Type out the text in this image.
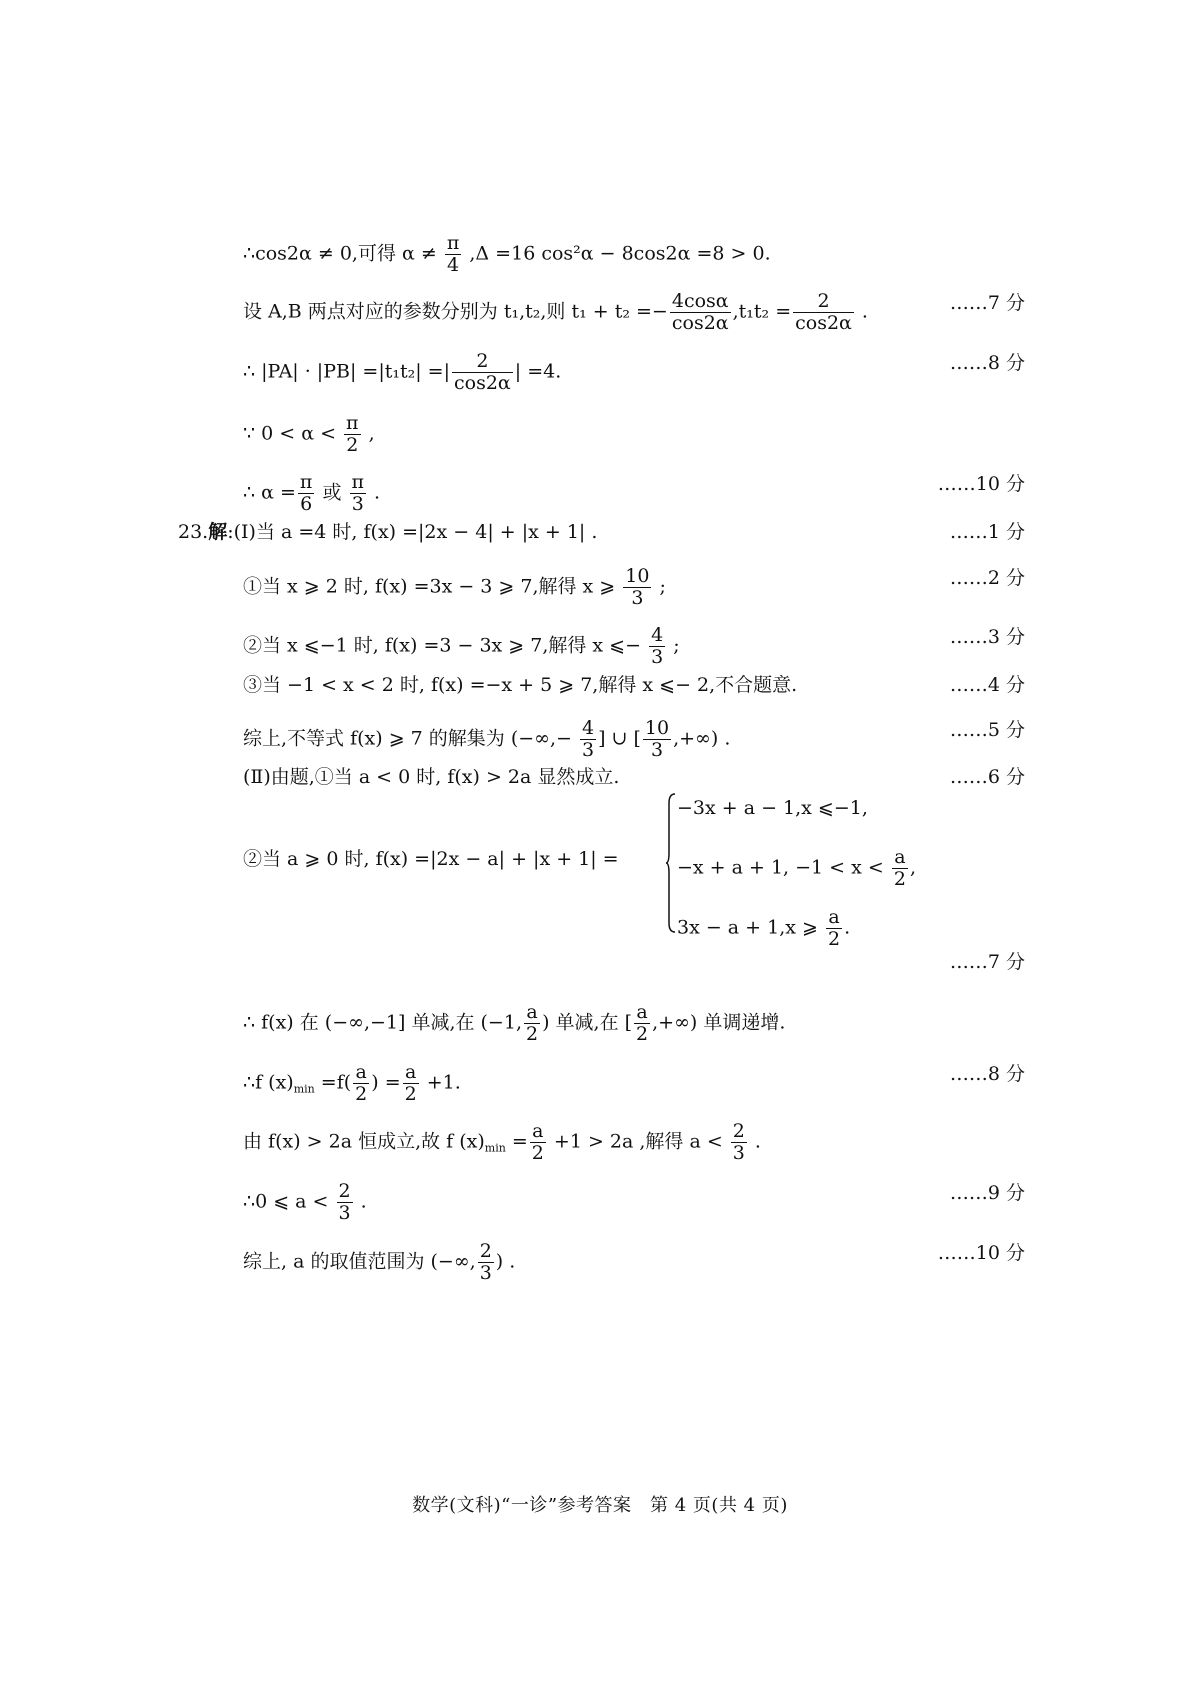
∴cos2α ≠ 0,可得 $\alpha \ne \frac{\pi}{4} ,\Delta =16$ cos²α − 8cos2α =8 > 0.
设 A,B 两点对应的参数分别为 t₁,t₂,则 $t_1 + t_2 =- \frac{4\cos\alpha}{\cos 2\alpha} ,t_1t_2 = \frac{2}{\cos 2\alpha}$ .	……7 分
∴ |PA| · |PB| =|t₁t₂| =| $\frac{2}{\cos 2\alpha}$ | =4.	……8 分
∵ $0 < \alpha < \frac{\pi}{2}$ ,
∴ $\alpha = \frac{\pi}{6}$ 或 $\frac{\pi}{3}$ .	……10 分
23.解:(Ⅰ)当 a =4 时, f(x) =|2x − 4| + |x + 1| .	……1 分
①当 x ⩾ 2 时, f(x) =3x − 3 ⩾ 7,解得 x ⩾ $\frac{10}{3}$ ;	……2 分
②当 x ⩽−1 时, f(x) =3 − 3x ⩾ 7,解得 x ⩽− $\frac{4}{3}$ ;	……3 分
③当 −1 < x < 2 时, f(x) =−x + 5 ⩾ 7,解得 x ⩽− 2,不合题意.	……4 分
综上,不等式 f(x) ⩾ 7 的解集为 (−∞,− $\frac{4}{3}$ ] ∪ [ $\frac{10}{3}$ ,+∞) .	……5 分
(Ⅱ)由题,①当 a < 0 时, f(x) > 2a 显然成立.	……6 分
②当 a ⩾ 0 时, f(x) =|2x − a| + |x + 1| =
−3x + a − 1,x ⩽−1,
−x + a + 1, $-1 < x < \frac{a}{2}$ ,
3x − a + 1,x ⩾ $\frac{a}{2}$ .
……7 分
∴ f(x) 在 (−∞,−1] 单减,在 (−1, $\frac{a}{2}$ ) 单减,在 [ $\frac{a}{2}$ ,+∞) 单调递增.
∴f $(x)_{min} =f( \frac{a}{2}$ ) = $\frac{a}{2} +1$.	……8 分
由 f(x) > 2a 恒成立,故 f $(x)_{min} = \frac{a}{2} +1 > 2a$ ,解得 $a < \frac{2}{3}$ .
∴0 ⩽ $a < \frac{2}{3}$ .	……9 分
综上, a 的取值范围为 (−∞, $\frac{2}{3}$ ) .	……10 分
数学(文科)“一诊”参考答案　第 4 页(共 4 页)
